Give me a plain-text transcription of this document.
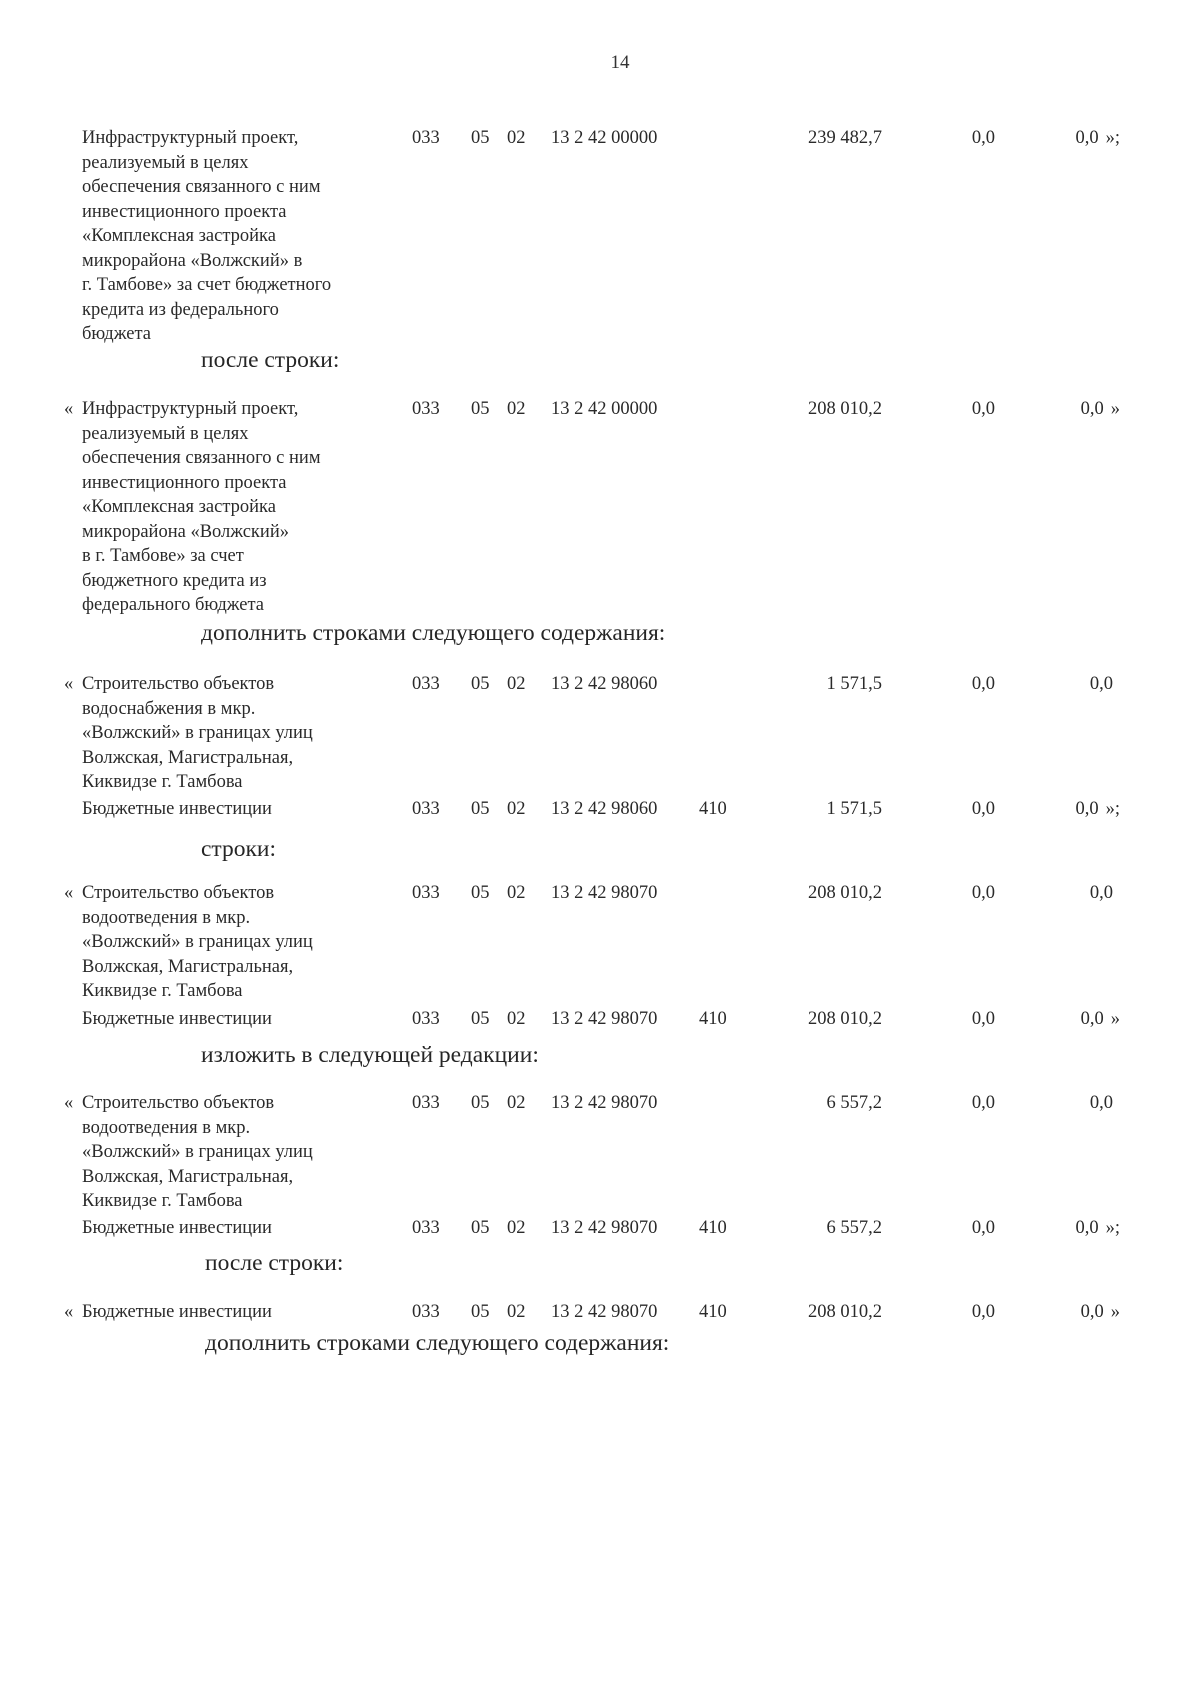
14
Инфраструктурный проект,
реализуемый в целях
обеспечения связанного с ним
инвестиционного проекта
«Комплексная застройка
микрорайона «Волжский» в
г. Тамбове» за счет бюджетного
кредита из федерального
бюджета
033 05 02 13 2 42 00000	239 482,7	0,0	0,0 »;
после строки:
« Инфраструктурный проект,
реализуемый в целях
обеспечения связанного с ним
инвестиционного проекта
«Комплексная застройка
микрорайона «Волжский»
в г. Тамбове» за счет
бюджетного кредита из
федерального бюджета
033 05 02 13 2 42 00000	208 010,2	0,0	0,0 »
дополнить строками следующего содержания:
« Строительство объектов
водоснабжения в мкр.
«Волжский» в границах улиц
Волжская, Магистральная,
Киквидзе г. Тамбова
033 05 02 13 2 42 98060	1 571,5	0,0	0,0
Бюджетные инвестиции	033 05 02 13 2 42 98060 410	1 571,5	0,0	0,0 »;
строки:
« Строительство объектов
водоотведения в мкр.
«Волжский» в границах улиц
Волжская, Магистральная,
Киквидзе г. Тамбова
033 05 02 13 2 42 98070	208 010,2	0,0	0,0
Бюджетные инвестиции	033 05 02 13 2 42 98070 410	208 010,2	0,0	0,0 »
изложить в следующей редакции:
« Строительство объектов
водоотведения в мкр.
«Волжский» в границах улиц
Волжская, Магистральная,
Киквидзе г. Тамбова
033 05 02 13 2 42 98070	6 557,2	0,0	0,0
Бюджетные инвестиции	033 05 02 13 2 42 98070 410	6 557,2	0,0	0,0 »;
после строки:
« Бюджетные инвестиции	033 05 02 13 2 42 98070 410	208 010,2	0,0	0,0 »
дополнить строками следующего содержания:
